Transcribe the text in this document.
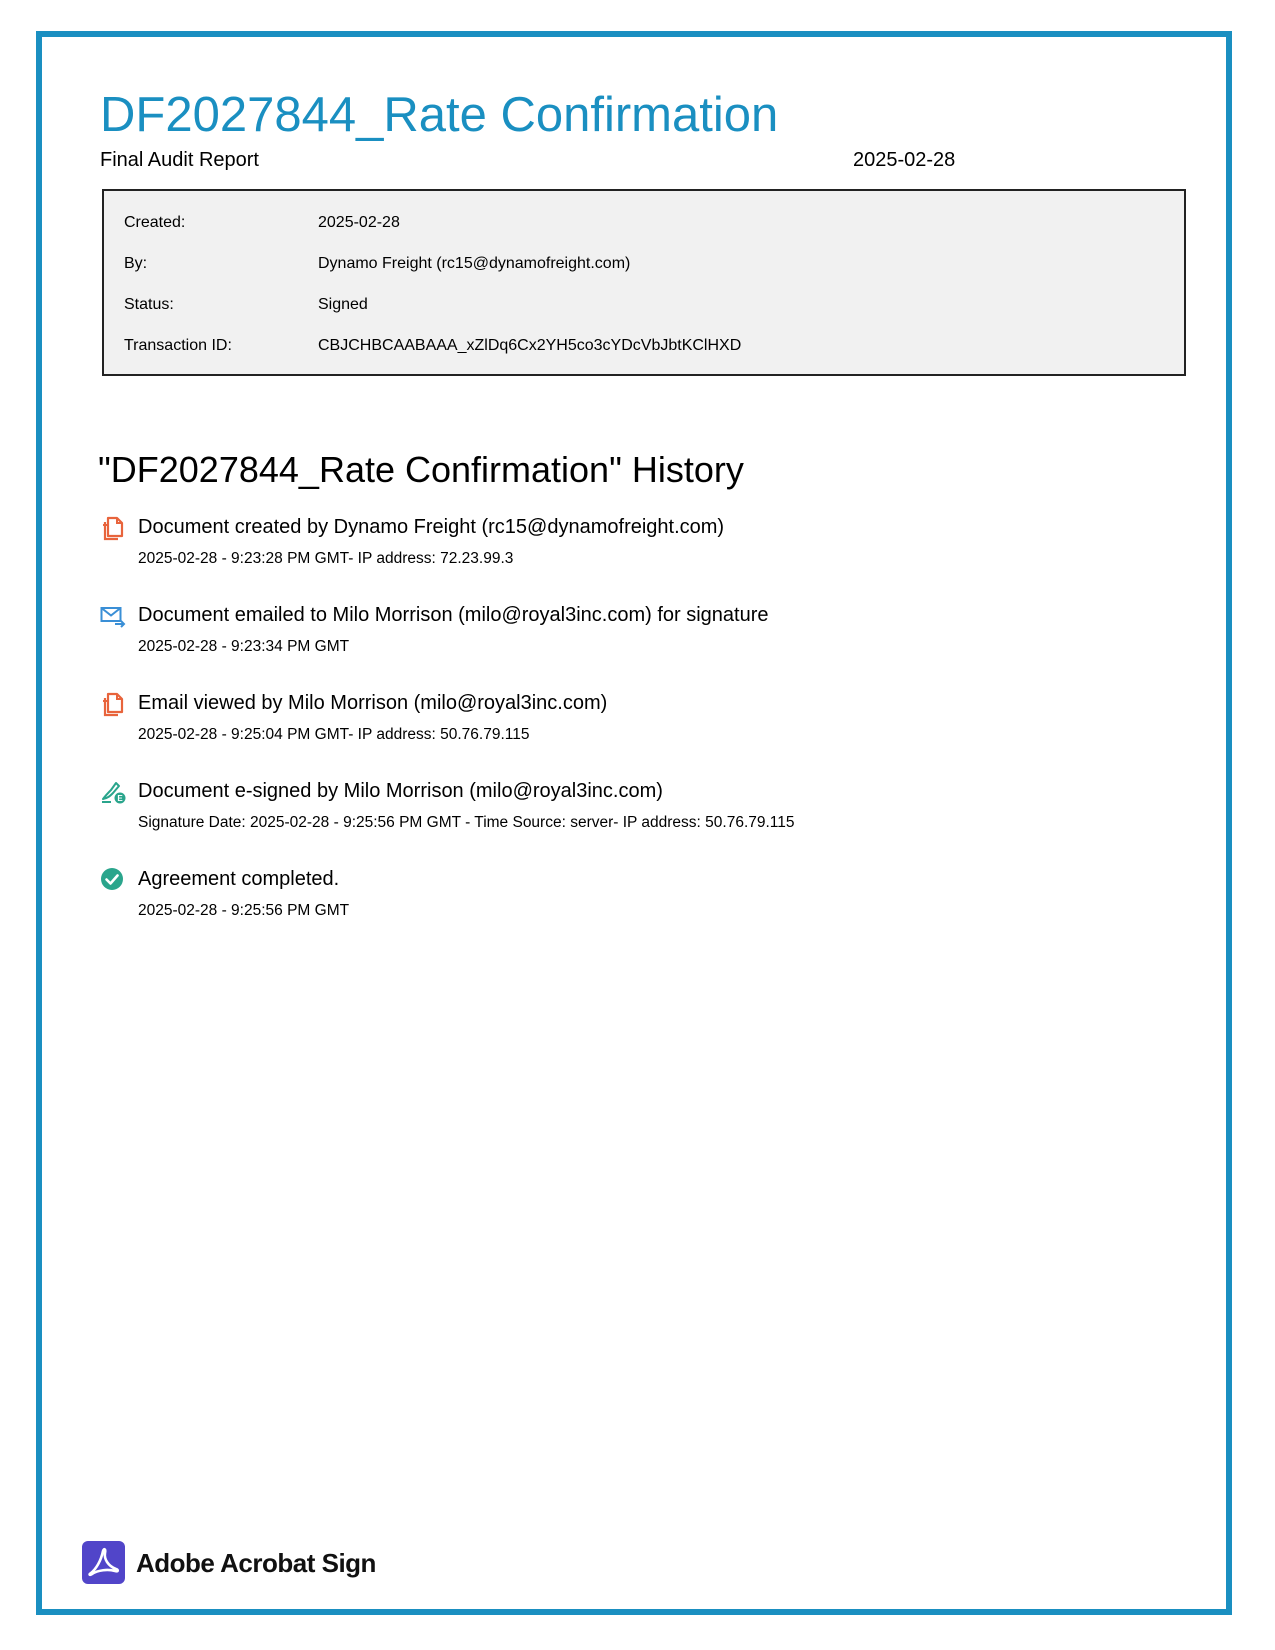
DF2027844_Rate Confirmation
Final Audit Report	2025-02-28
Created:	2025-02-28
By:	Dynamo Freight (rc15@dynamofreight.com)
Status:	Signed
Transaction ID:	CBJCHBCAABAAA_xZlDq6Cx2YH5co3cYDcVbJbtKClHXD
"DF2027844_Rate Confirmation" History
Document created by Dynamo Freight (rc15@dynamofreight.com)
2025-02-28 - 9:23:28 PM GMT- IP address: 72.23.99.3
Document emailed to Milo Morrison (milo@royal3inc.com) for signature
2025-02-28 - 9:23:34 PM GMT
Email viewed by Milo Morrison (milo@royal3inc.com)
2025-02-28 - 9:25:04 PM GMT- IP address: 50.76.79.115
E Document e-signed by Milo Morrison (milo@royal3inc.com)
Signature Date: 2025-02-28 - 9:25:56 PM GMT - Time Source: server- IP address: 50.76.79.115
Agreement completed.
2025-02-28 - 9:25:56 PM GMT
Adobe Acrobat Sign
